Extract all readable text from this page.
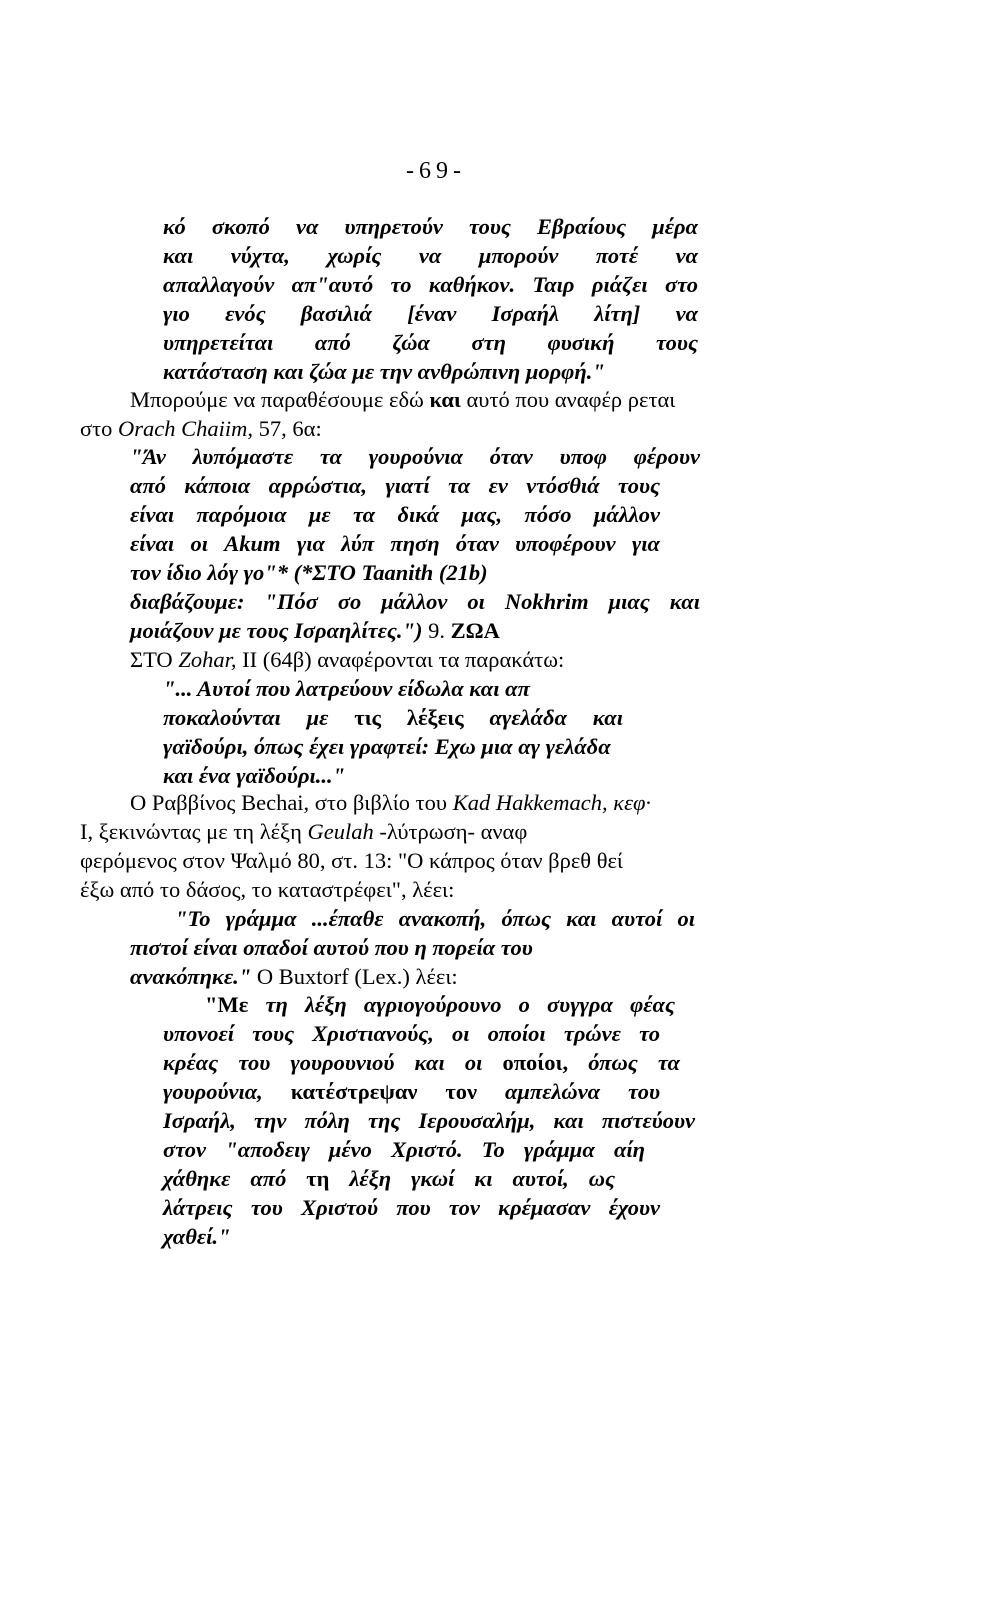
-69-
κό σκοπό να υπηρετούν τους Εβραίους μέρα
και νύχτα, χωρίς να μπορούν ποτέ να
απαλλαγούν απ"αυτό το καθήκον. Ταιρ ριάζει στο
γιο ενός βασιλιά [έναν Ισραήλ λίτη] να
υπηρετείται από ζώα στη φυσική τους
κατάσταση και ζώα με την ανθρώπινη μορφή."
Μπορούμε να παραθέσουμε εδώ και αυτό που αναφέρ ρεται
στο Orach Chaiim, 57, 6α:
"Άν λυπόμαστε τα γουρούνια όταν υποφ φέρουν
από κάποια αρρώστια, γιατί τα εν ντόσθιά τους
είναι παρόμοια με τα δικά μας, πόσο μάλλον
είναι οι Akum για λύπ πηση όταν υποφέρουν για
τον ίδιο λόγ γο"* (*ΣΤΟ Taanith (21b)
διαβάζουμε: "Πόσ σο μάλλον οι Nokhrim μιας και
μοιάζουν με τους Ισραηλίτες.") 9. ΖΩΑ
ΣΤΟ Zohar, II (64β) αναφέρονται τα παρακάτω:
"... Αυτοί που λατρεύουν είδωλα και απ
ποκαλούνται με τις λέξεις αγελάδα και
γαϊδούρι, όπως έχει γραφτεί: Εχω μια αγ γελάδα
και ένα γαϊδούρι..."
Ο Ραββίνος Bechai, στο βιβλίο του Kad Hakkemach, κεφ·
I, ξεκινώντας με τη λέξη Geulah -λύτρωση- αναφ
φερόμενος στον Ψαλμό 80, στ. 13: "Ο κάπρος όταν βρεθ θεί
έξω από το δάσος, το καταστρέφει", λέει:
"Το γράμμα ...έπαθε ανακοπή, όπως και αυτοί οι
πιστοί είναι οπαδοί αυτού που η πορεία του
ανακόπηκε." Ο Buxtorf (Lex.) λέει:
"Με τη λέξη αγριογούρουνο ο συγγρα φέας
υπονοεί τους Χριστιανούς, οι οποίοι τρώνε το
κρέας του γουρουνιού και οι οποίοι, όπως τα
γουρούνια, κατέστρεψαν τον αμπελώνα του
Ισραήλ, την πόλη της Ιερουσαλήμ, και πιστεύουν
στον "αποδειγ μένο Χριστό. Το γράμμα αίη
χάθηκε από τη λέξη γκωί κι αυτοί, ως
λάτρεις του Χριστού που τον κρέμασαν έχουν
χαθεί."
